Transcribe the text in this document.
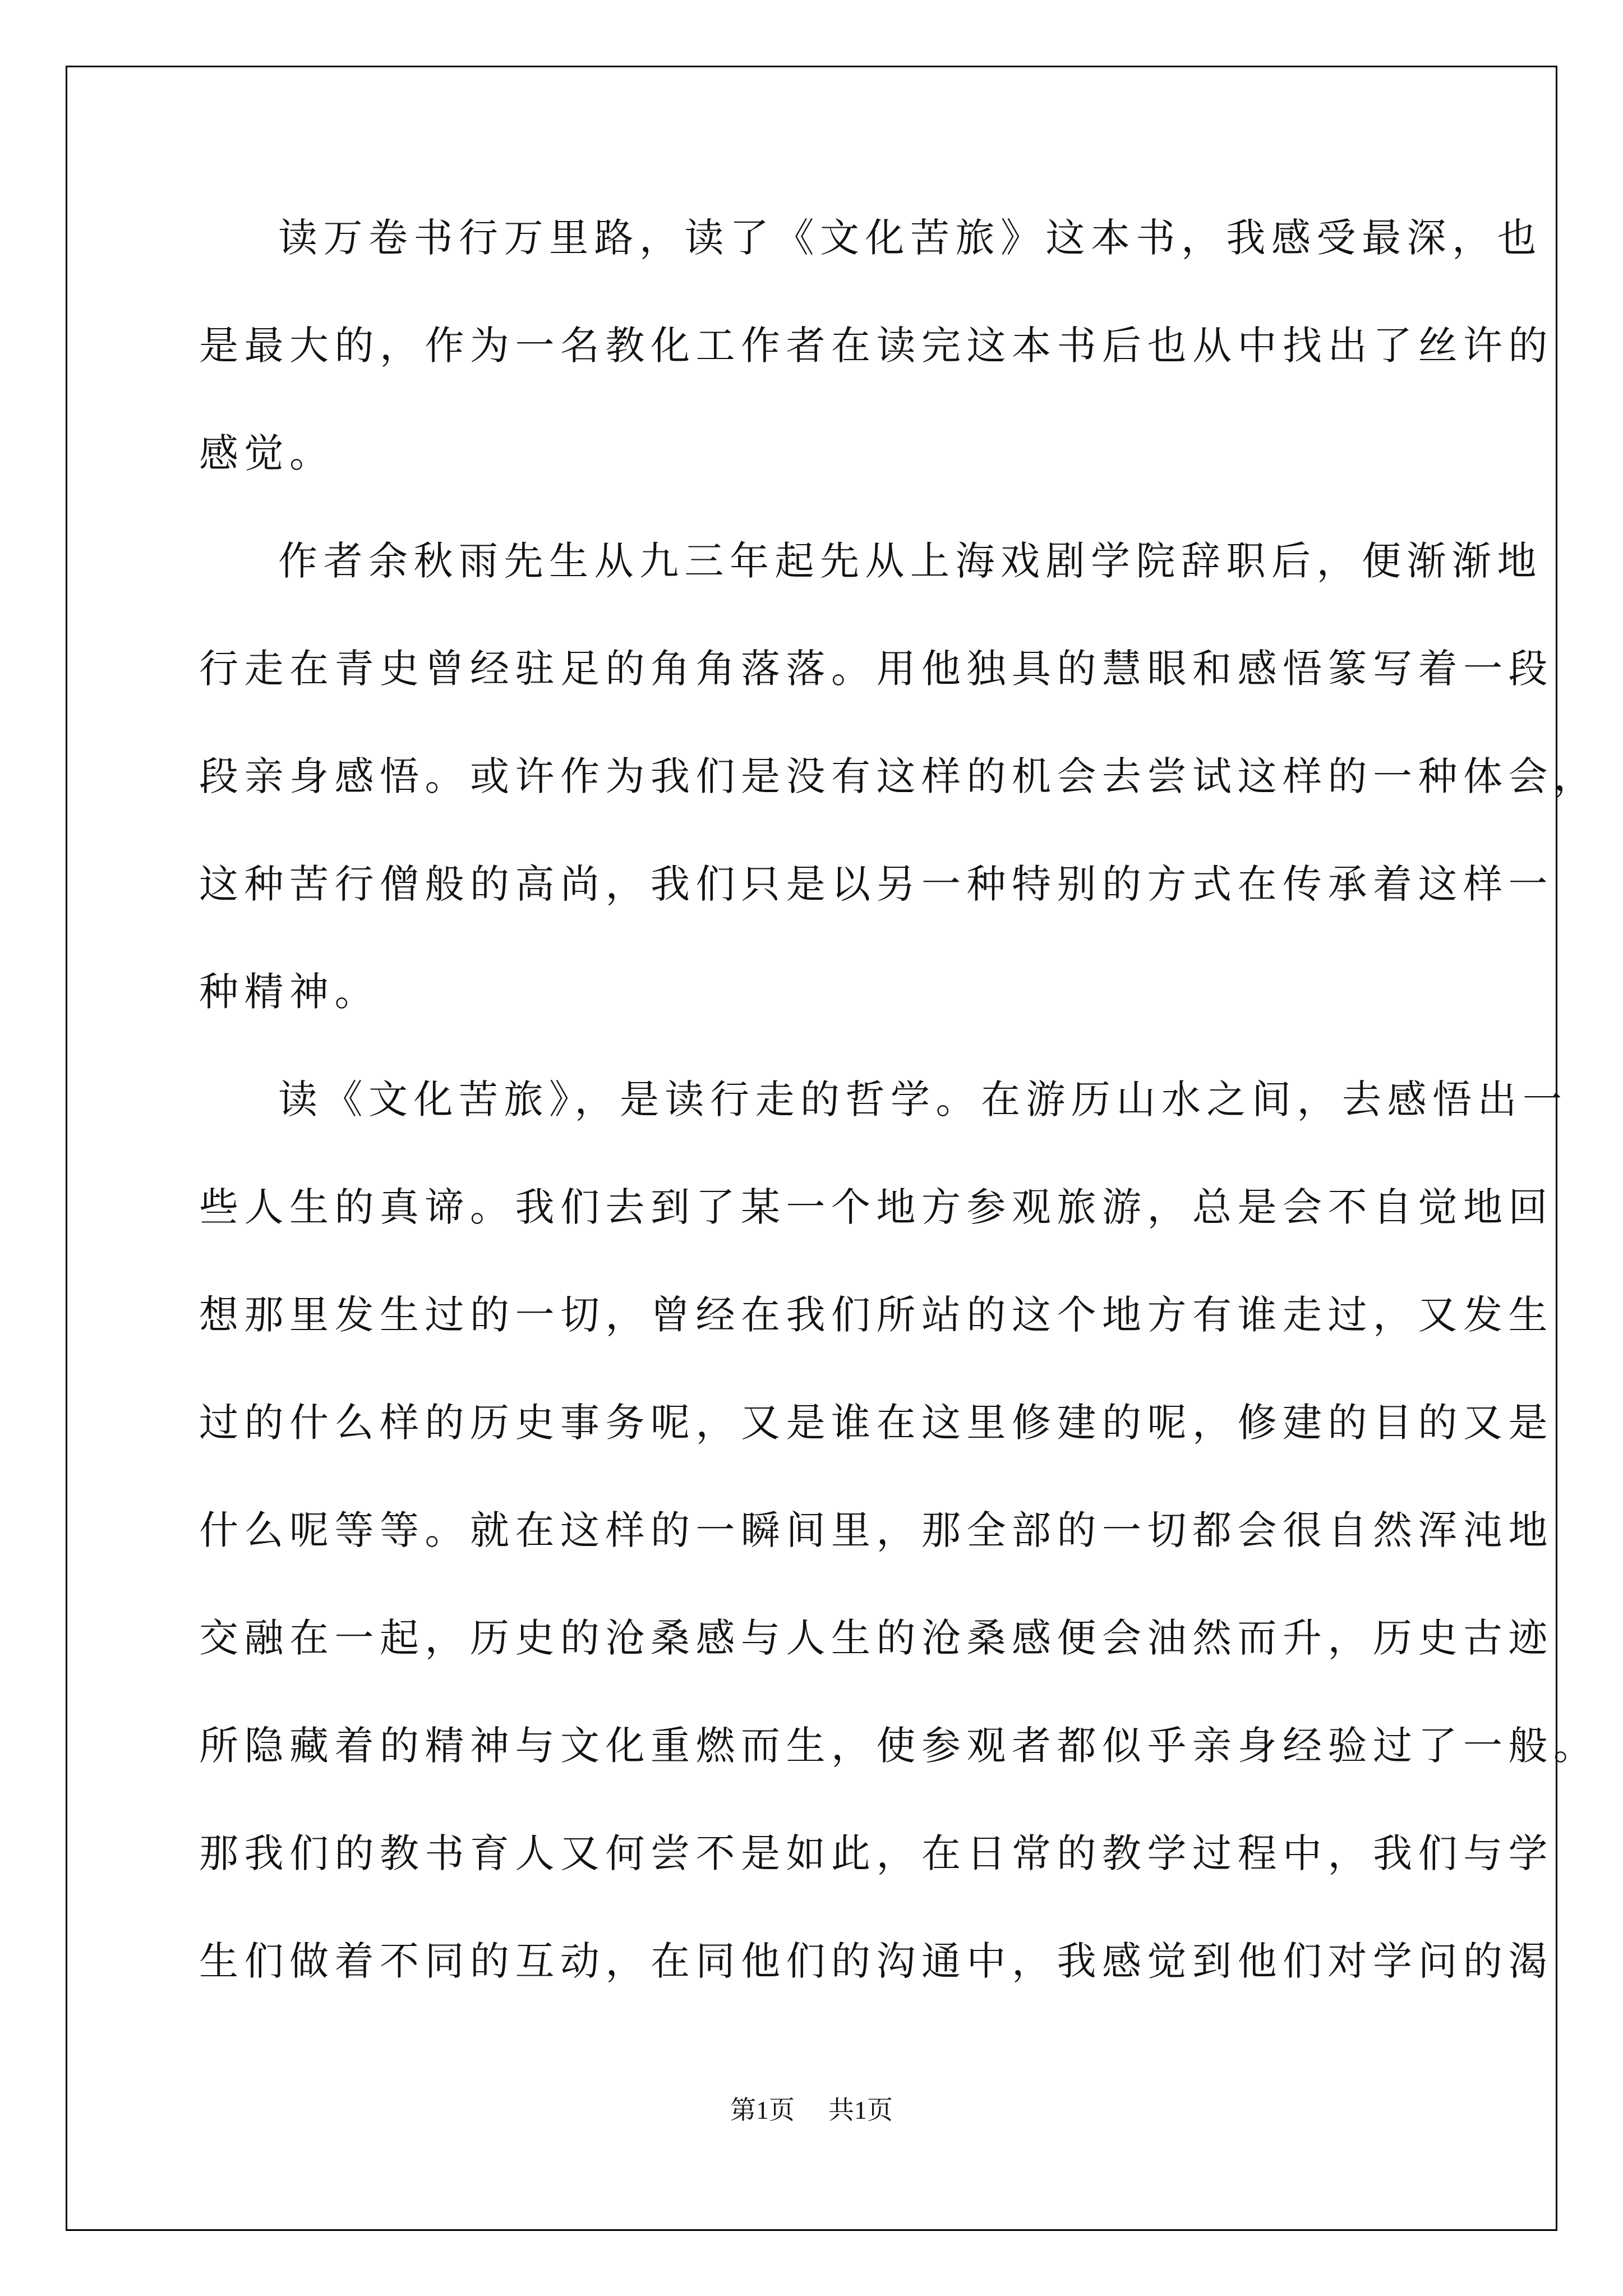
读万卷书行万里路，读了《文化苦旅》这本书，我感受最深，也
是最大的，作为一名教化工作者在读完这本书后也从中找出了丝许的
感觉。
作者余秋雨先生从九三年起先从上海戏剧学院辞职后，便渐渐地
行走在青史曾经驻足的角角落落。用他独具的慧眼和感悟篆写着一段
段亲身感悟。或许作为我们是没有这样的机会去尝试这样的一种体会，
这种苦行僧般的高尚，我们只是以另一种特别的方式在传承着这样一
种精神。
读《文化苦旅》，是读行走的哲学。在游历山水之间，去感悟出一
些人生的真谛。我们去到了某一个地方参观旅游，总是会不自觉地回
想那里发生过的一切，曾经在我们所站的这个地方有谁走过，又发生
过的什么样的历史事务呢，又是谁在这里修建的呢，修建的目的又是
什么呢等等。就在这样的一瞬间里，那全部的一切都会很自然浑沌地
交融在一起，历史的沧桑感与人生的沧桑感便会油然而升，历史古迹
所隐藏着的精神与文化重燃而生，使参观者都似乎亲身经验过了一般。
那我们的教书育人又何尝不是如此，在日常的教学过程中，我们与学
生们做着不同的互动，在同他们的沟通中，我感觉到他们对学问的渴
第1页 共1页
